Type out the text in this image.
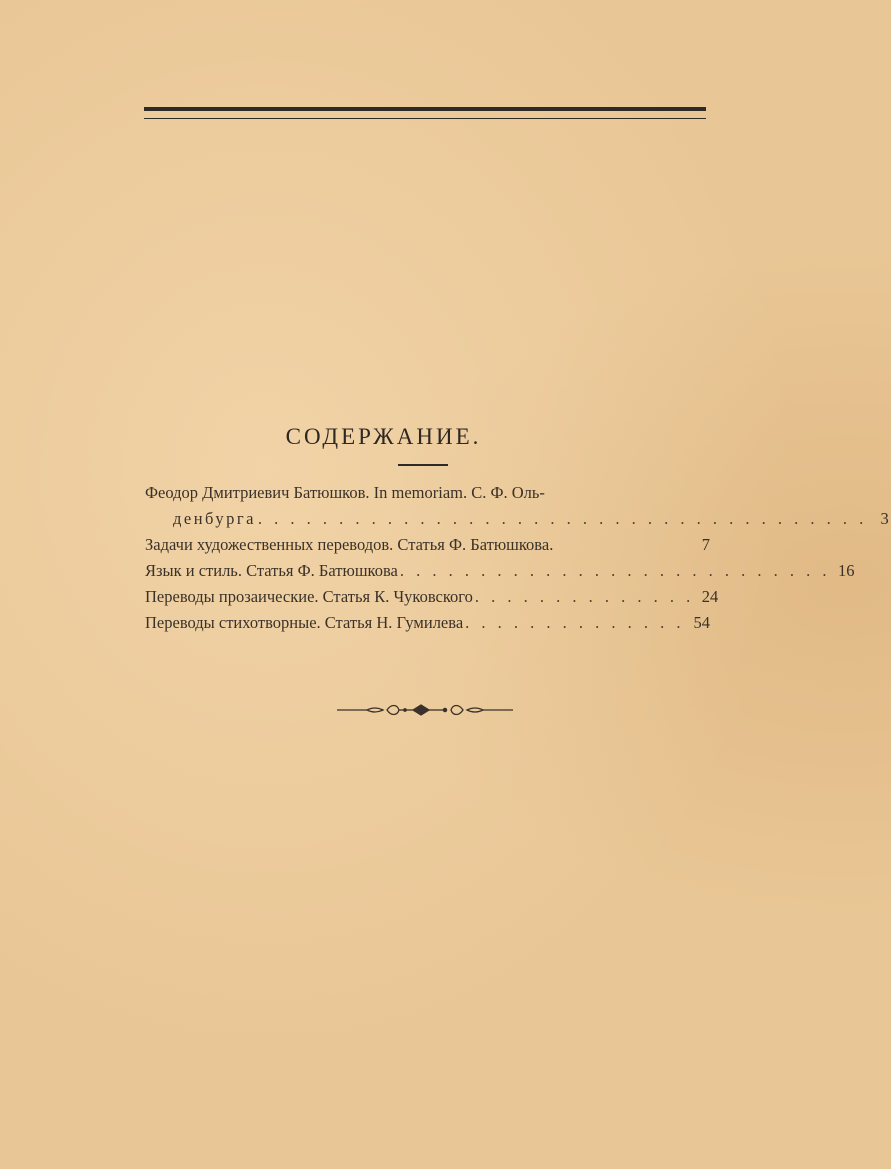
СОДЕРЖАНИЕ.
Феодор Дмитриевич Батюшков. In memoriam. С. Ф. Оль-
денбурга . . . . . . . . . . . . . . . . . . . . . . . . . . . . . . . . . . . . . . 3
Задачи художественных переводов. Статья Ф. Батюшкова.	7
Язык и стиль. Статья Ф. Батюшкова . . . . . . . . . . . . . . . . . . . . . . . . . . . 16
Переводы прозаические. Статья К. Чуковского . . . . . . . . . . . . . . 24
Переводы стихотворные. Статья Н. Гумилева . . . . . . . . . . . . . . 54
